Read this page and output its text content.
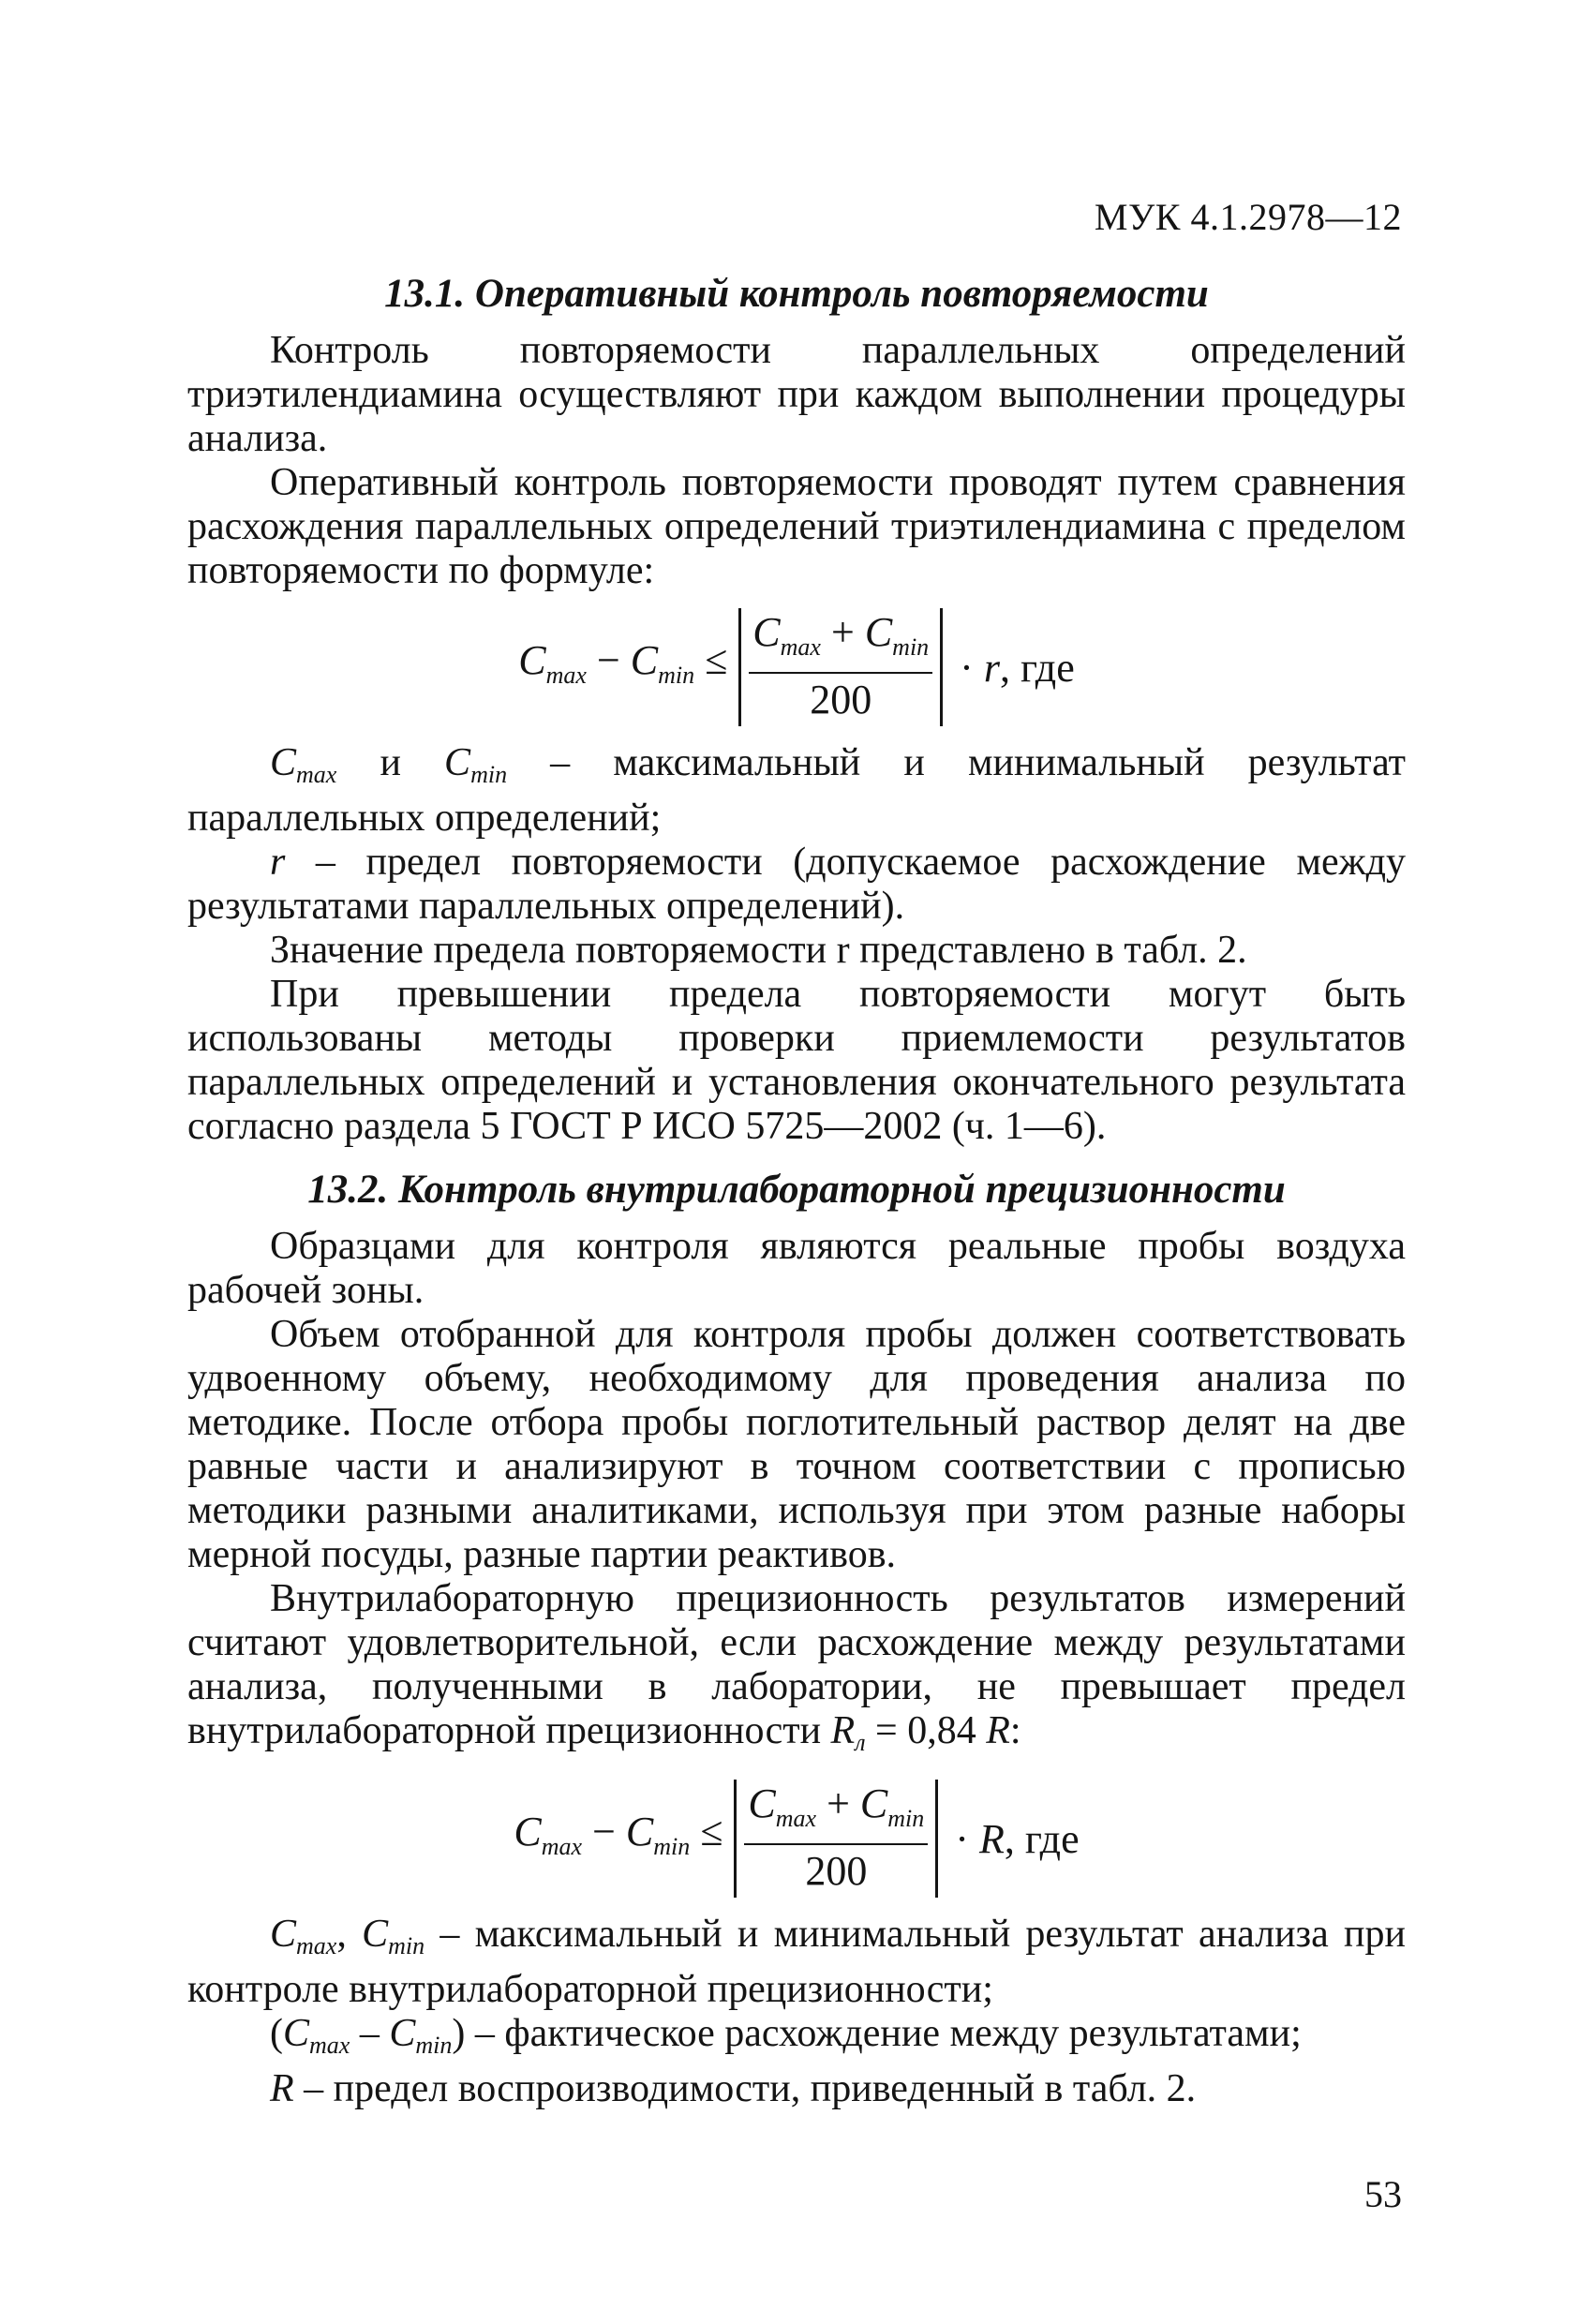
МУК 4.1.2978—12
13.1. Оперативный контроль повторяемости

Контроль повторяемости параллельных определений триэтилендиамина осуществляют при каждом выполнении процедуры анализа.

Оперативный контроль повторяемости проводят путем сравнения расхождения параллельных определений триэтилендиамина с пределом повторяемости по формуле:

$C_{max} - C_{min} \le \frac{C_{max} + C_{min}}{200} \cdot r$, где

Cmax и Cmin – максимальный и минимальный результат параллельных определений;

r – предел повторяемости (допускаемое расхождение между результатами параллельных определений).

Значение предела повторяемости r представлено в табл. 2.

При превышении предела повторяемости могут быть использованы методы проверки приемлемости результатов параллельных определений и установления окончательного результата согласно раздела 5 ГОСТ Р ИСО 5725—2002 (ч. 1—6).

13.2. Контроль внутрилабораторной прецизионности

Образцами для контроля являются реальные пробы воздуха рабочей зоны.

Объем отобранной для контроля пробы должен соответствовать удвоенному объему, необходимому для проведения анализа по методике. После отбора пробы поглотительный раствор делят на две равные части и анализируют в точном соответствии с прописью методики разными аналитиками, используя при этом разные наборы мерной посуды, разные партии реактивов.

Внутрилабораторную прецизионность результатов измерений считают удовлетворительной, если расхождение между результатами анализа, полученными в лаборатории, не превышает предел внутрилабораторной прецизионности Rл = 0,84 R:

$C_{max} - C_{min} \le \frac{C_{max} + C_{min}}{200} \cdot R$, где

Cmax, Cmin – максимальный и минимальный результат анализа при контроле внутрилабораторной прецизионности;

(Cmax – Cmin) – фактическое расхождение между результатами;

R – предел воспроизводимости, приведенный в табл. 2.

53
